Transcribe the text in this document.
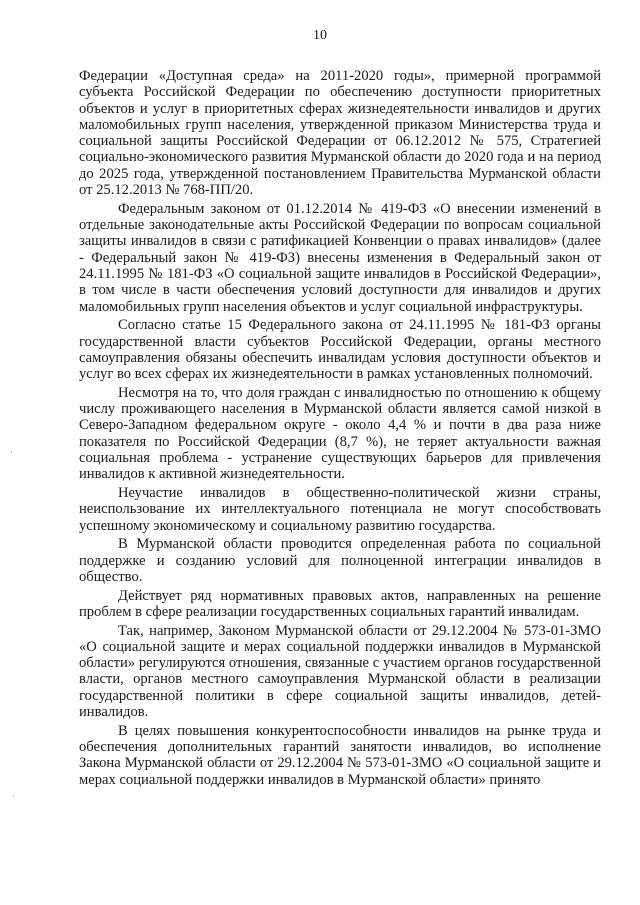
10

Федерации «Доступная среда» на 2011-2020 годы», примерной программой субъекта Российской Федерации по обеспечению доступности приоритетных объектов и услуг в приоритетных сферах жизнедеятельности инвалидов и других маломобильных групп населения, утвержденной приказом Министерства труда и социальной защиты Российской Федерации от 06.12.2012 № 575, Стратегией социально-экономического развития Мурманской области до 2020 года и на период до 2025 года, утвержденной постановлением Правительства Мурманской области от 25.12.2013 № 768-ПП/20.

Федеральным законом от 01.12.2014 № 419-ФЗ «О внесении изменений в отдельные законодательные акты Российской Федерации по вопросам социальной защиты инвалидов в связи с ратификацией Конвенции о правах инвалидов» (далее - Федеральный закон № 419-ФЗ) внесены изменения в Федеральный закон от 24.11.1995 № 181-ФЗ «О социальной защите инвалидов в Российской Федерации», в том числе в части обеспечения условий доступности для инвалидов и других маломобильных групп населения объектов и услуг социальной инфраструктуры.

Согласно статье 15 Федерального закона от 24.11.1995 № 181-ФЗ органы государственной власти субъектов Российской Федерации, органы местного самоуправления обязаны обеспечить инвалидам условия доступности объектов и услуг во всех сферах их жизнедеятельности в рамках установленных полномочий.

Несмотря на то, что доля граждан с инвалидностью по отношению к общему числу проживающего населения в Мурманской области является самой низкой в Северо-Западном федеральном округе - около 4,4 % и почти в два раза ниже показателя по Российской Федерации (8,7 %), не теряет актуальности важная социальная проблема - устранение существующих барьеров для привлечения инвалидов к активной жизнедеятельности.

Неучастие инвалидов в общественно-политической жизни страны, неиспользование их интеллектуального потенциала не могут способствовать успешному экономическому и социальному развитию государства.

В Мурманской области проводится определенная работа по социальной поддержке и созданию условий для полноценной интеграции инвалидов в общество.

Действует ряд нормативных правовых актов, направленных на решение проблем в сфере реализации государственных социальных гарантий инвалидам.

Так, например, Законом Мурманской области от 29.12.2004 № 573-01-ЗМО «О социальной защите и мерах социальной поддержки инвалидов в Мурманской области» регулируются отношения, связанные с участием органов государственной власти, органов местного самоуправления Мурманской области в реализации государственной политики в сфере социальной защиты инвалидов, детей-инвалидов.

В целях повышения конкурентоспособности инвалидов на рынке труда и обеспечения дополнительных гарантий занятости инвалидов, во исполнение Закона Мурманской области от 29.12.2004 № 573-01-ЗМО «О социальной защите и мерах социальной поддержки инвалидов в Мурманской области» принято

·
·
